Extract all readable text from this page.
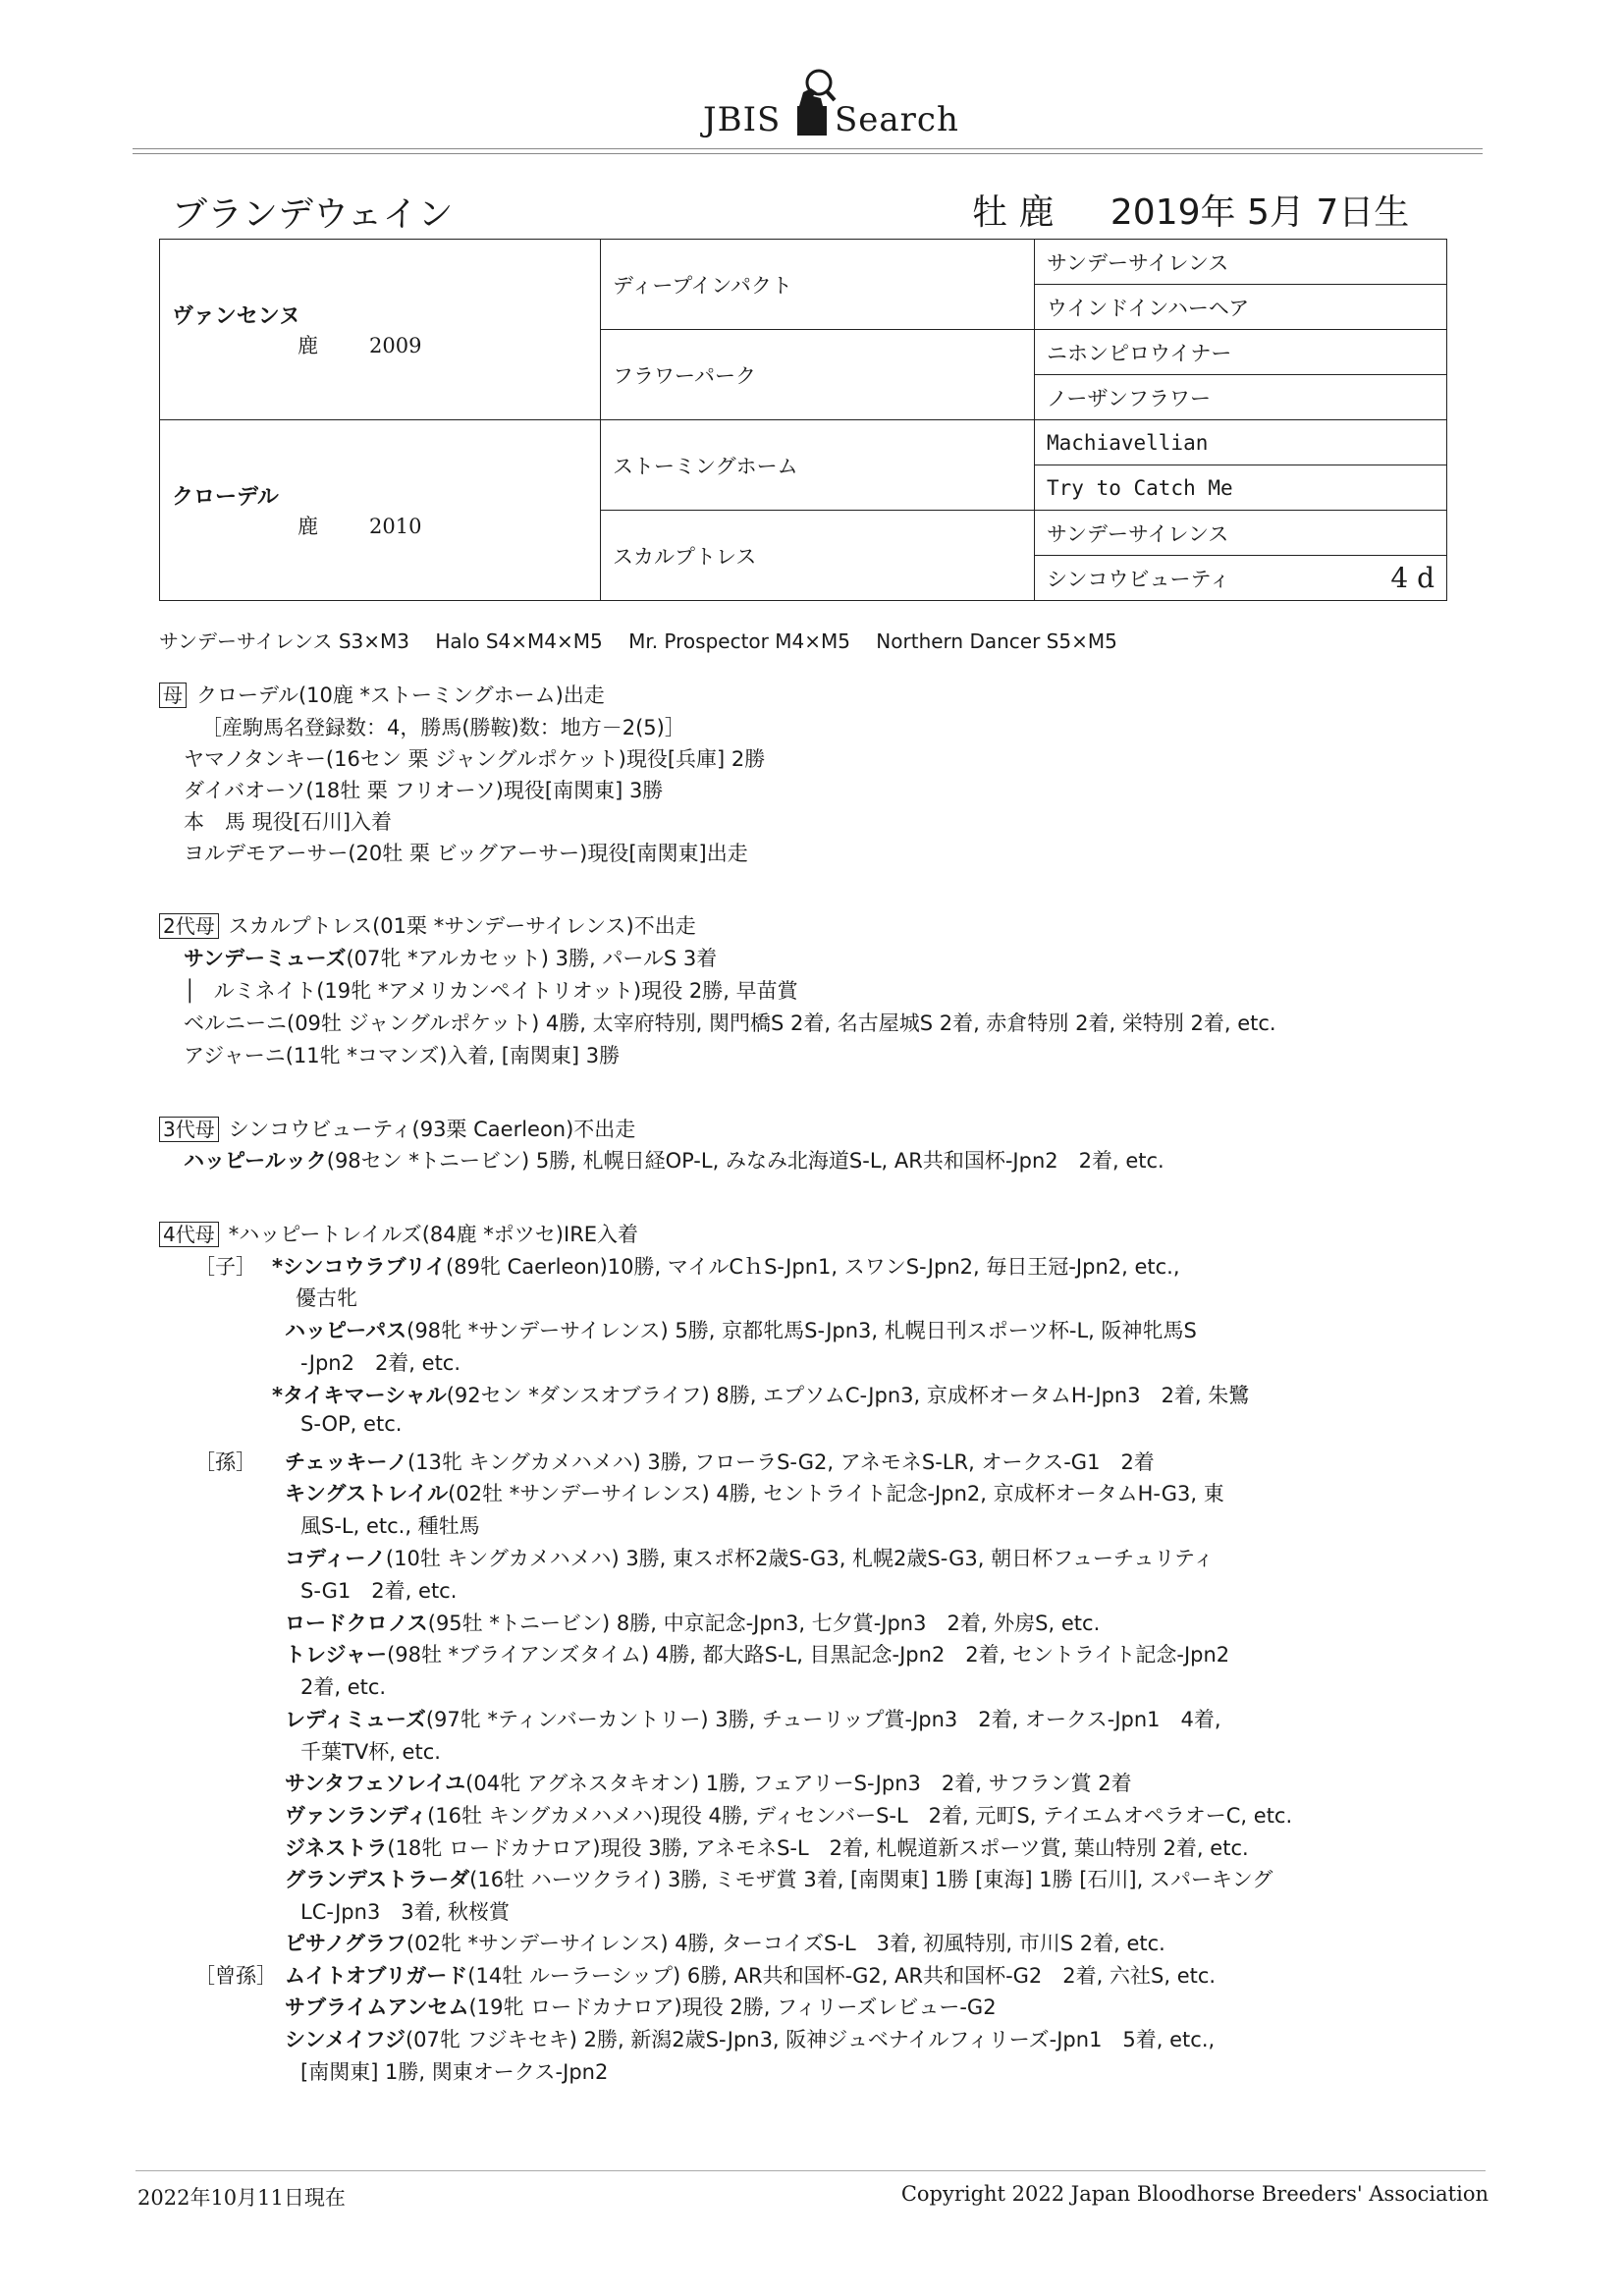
JBIS Search
ブランデウェイン	牡 鹿 2019年 5月 7日生
ヴァンセンヌ
鹿 2009	ディープインパクト	サンデーサイレンス
		ウインドインハーヘア
	フラワーパーク	ニホンピロウイナー
		ノーザンフラワー

クローデル
鹿 2010	ストーミングホーム	Machiavellian
		Try to Catch Me
	スカルプトレス	サンデーサイレンス

		シンコウビューティ 4 d
サンデーサイレンス S3×M3　 Halo S4×M4×M5　 Mr. Prospector M4×M5　 Northern Dancer S5×M5
母 クローデル(10鹿 *ストーミングホーム)出走
［産駒馬名登録数：4，勝馬(勝鞍)数：地方－2(5)］
ヤマノタンキー(16セン 栗 ジャングルポケット)現役[兵庫] 2勝
ダイバオーソ(18牡 栗 フリオーソ)現役[南関東] 3勝
本　馬 現役[石川]入着
ヨルデモアーサー(20牡 栗 ビッグアーサー)現役[南関東]出走
2代母 スカルプトレス(01栗 *サンデーサイレンス)不出走
サンデーミューズ(07牝 *アルカセット) 3勝, パールS 3着
│ ルミネイト(19牝 *アメリカンペイトリオット)現役 2勝, 早苗賞
ベルニーニ(09牡 ジャングルポケット) 4勝, 太宰府特別, 関門橋S 2着, 名古屋城S 2着, 赤倉特別 2着, 栄特別 2着, etc.
アジャーニ(11牝 *コマンズ)入着, [南関東] 3勝
3代母 シンコウビューティ(93栗 Caerleon)不出走
ハッピールック(98セン *トニービン) 5勝, 札幌日経OP-L, みなみ北海道S-L, AR共和国杯-Jpn2　2着, etc.
4代母 *ハッピートレイルズ(84鹿 *ポツセ)IRE入着
［子］
［孫］
［曾孫］
*シンコウラブリイ(89牝 Caerleon)10勝, マイルCｈS-Jpn1, スワンS-Jpn2, 毎日王冠-Jpn2, etc.,
優古牝
ハッピーパス(98牝 *サンデーサイレンス) 5勝, 京都牝馬S-Jpn3, 札幌日刊スポーツ杯-L, 阪神牝馬S
-Jpn2　2着, etc.
*タイキマーシャル(92セン *ダンスオブライフ) 8勝, エプソムC-Jpn3, 京成杯オータムH-Jpn3　2着, 朱鷺
S-OP, etc.
チェッキーノ(13牝 キングカメハメハ) 3勝, フローラS-G2, アネモネS-LR, オークス-G1　2着
キングストレイル(02牡 *サンデーサイレンス) 4勝, セントライト記念-Jpn2, 京成杯オータムH-G3, 東
風S-L, etc., 種牡馬
コディーノ(10牡 キングカメハメハ) 3勝, 東スポ杯2歳S-G3, 札幌2歳S-G3, 朝日杯フューチュリティ
S-G1　2着, etc.
ロードクロノス(95牡 *トニービン) 8勝, 中京記念-Jpn3, 七夕賞-Jpn3　2着, 外房S, etc.
トレジャー(98牡 *ブライアンズタイム) 4勝, 都大路S-L, 目黒記念-Jpn2　2着, セントライト記念-Jpn2
2着, etc.
レディミューズ(97牝 *ティンバーカントリー) 3勝, チューリップ賞-Jpn3　2着, オークス-Jpn1　4着,
千葉TV杯, etc.
サンタフェソレイユ(04牝 アグネスタキオン) 1勝, フェアリーS-Jpn3　2着, サフラン賞 2着
ヴァンランディ(16牡 キングカメハメハ)現役 4勝, ディセンバーS-L　2着, 元町S, テイエムオペラオーC, etc.
ジネストラ(18牝 ロードカナロア)現役 3勝, アネモネS-L　2着, 札幌道新スポーツ賞, 葉山特別 2着, etc.
グランデストラーダ(16牡 ハーツクライ) 3勝, ミモザ賞 3着, [南関東] 1勝 [東海] 1勝 [石川], スパーキング
LC-Jpn3　3着, 秋桜賞
ピサノグラフ(02牝 *サンデーサイレンス) 4勝, ターコイズS-L　3着, 初風特別, 市川S 2着, etc.
ムイトオブリガード(14牡 ルーラーシップ) 6勝, AR共和国杯-G2, AR共和国杯-G2　2着, 六社S, etc.
サブライムアンセム(19牝 ロードカナロア)現役 2勝, フィリーズレビュー-G2
シンメイフジ(07牝 フジキセキ) 2勝, 新潟2歳S-Jpn3, 阪神ジュベナイルフィリーズ-Jpn1　5着, etc.,
[南関東] 1勝, 関東オークス-Jpn2
2022年10月11日現在	Copyright 2022 Japan Bloodhorse Breeders' Association
